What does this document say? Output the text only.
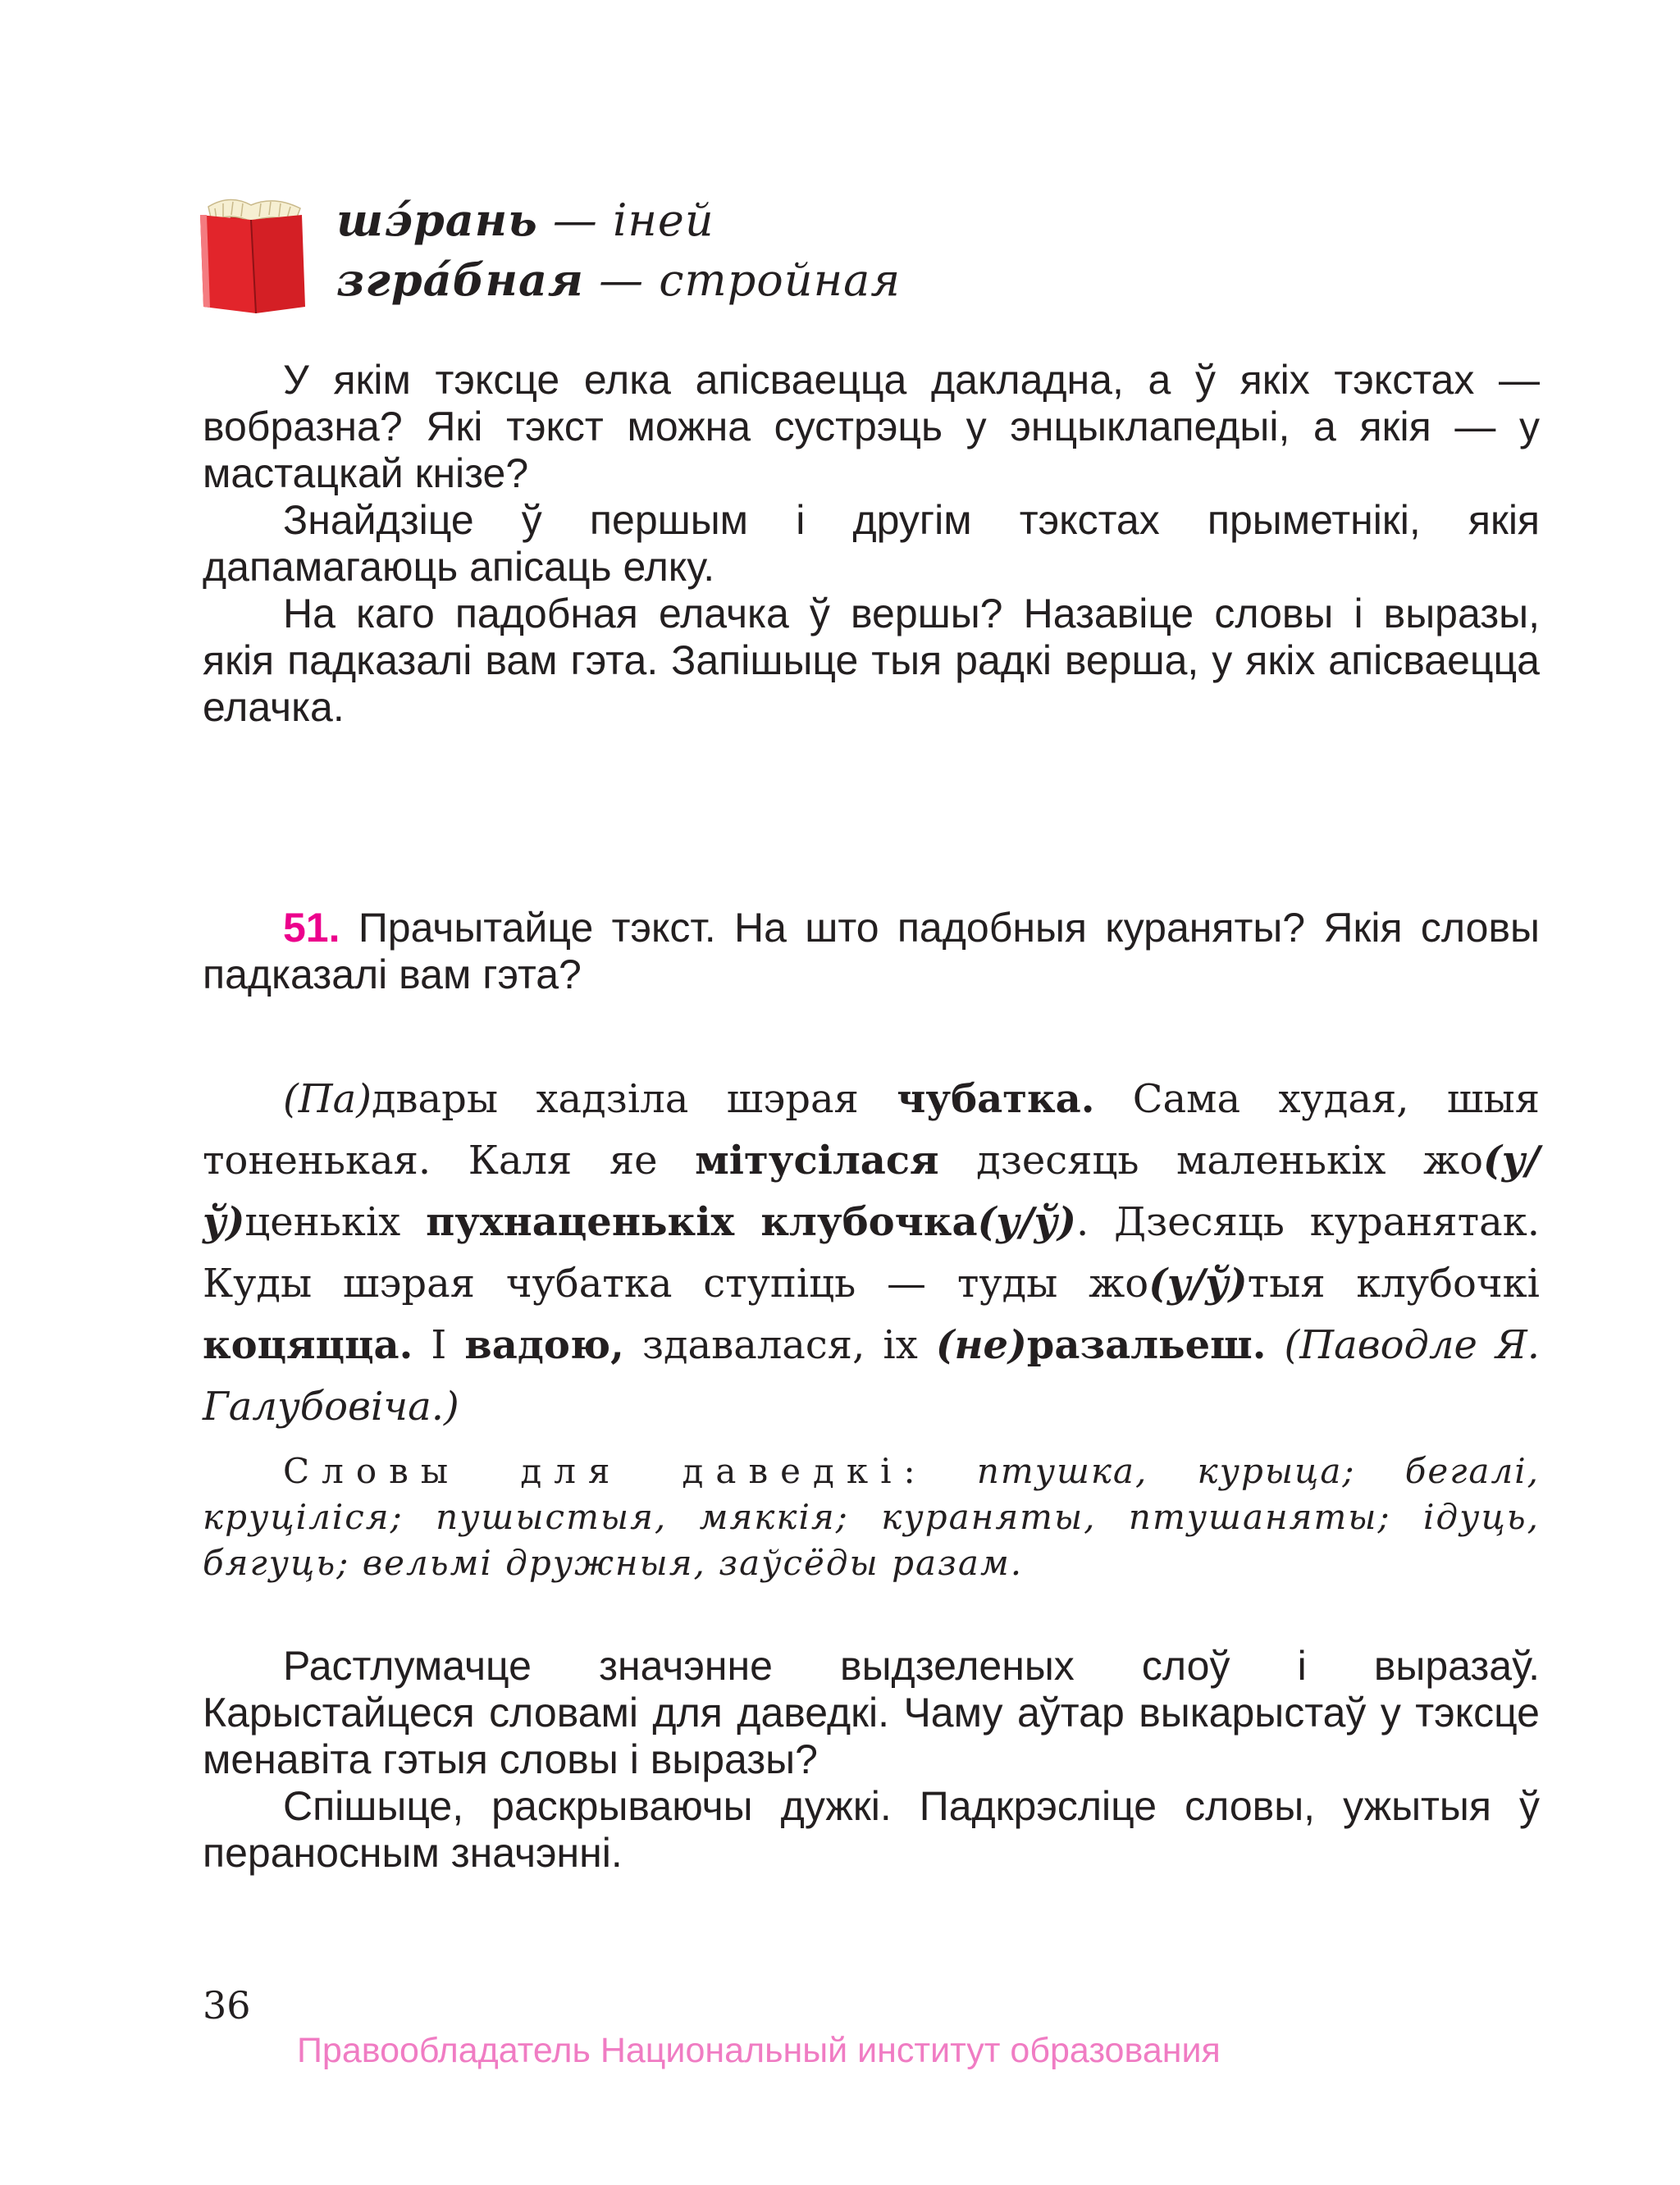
шэ́рань — іней
згра́бная — стройная

У якім тэксце елка апісваецца дакладна, а ў якіх тэкстах — вобразна? Які тэкст можна сустрэць у энцыклапедыі, а якія — у мастацкай кнізе?

Знайдзіце ў першым і другім тэкстах прыметнікі, якія дапамагаюць апісаць елку.

На каго падобная елачка ў вершы? Назавіце словы і выразы, якія падказалі вам гэта. Запішыце тыя радкі верша, у якіх апісваецца елачка.

51. Прачытайце тэкст. На што падобныя кураняты? Якія словы падказалі вам гэта?

(Па)двары хадзіла шэрая чубатка. Сама худая, шыя тоненькая. Каля яе мітусілася дзесяць маленькіх жо(у/ў)ценькіх пухнаценькіх клубочка(у/ў). Дзесяць куранятак. Куды шэрая чубатка ступіць — туды жо(у/ў)тыя клубочкі коцяцца. І вадою, здавалася, іх (не)разальеш. (Паводле Я. Галубовіча.)
Словы для даведкі: птушка, курыца; бегалі, круціліся; пушыстыя, мяккія; кураняты, птушаняты; ідуць, бягуць; вельмі дружныя, заўсёды разам.

Растлумачце значэнне выдзеленых слоў і выразаў. Карыстайцеся словамі для даведкі. Чаму аўтар выкарыстаў у тэксце менавіта гэтыя словы і выразы?

Спішыце, раскрываючы дужкі. Падкрэсліце словы, ужытыя ў пераносным значэнні.

36
Правообладатель Национальный институт образования
